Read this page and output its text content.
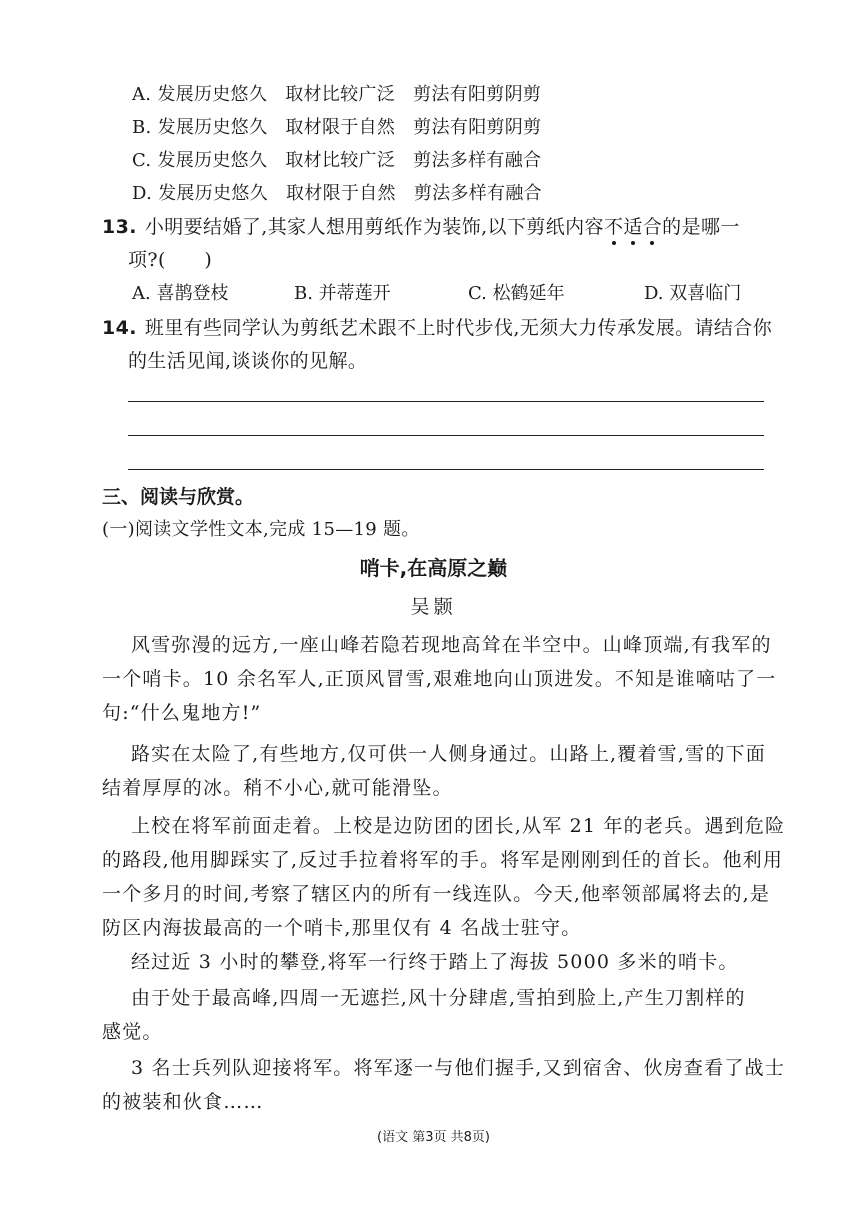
A. 发展历史悠久   取材比较广泛   剪法有阳剪阴剪
B. 发展历史悠久   取材限于自然   剪法有阳剪阴剪
C. 发展历史悠久   取材比较广泛   剪法多样有融合
D. 发展历史悠久   取材限于自然   剪法多样有融合
13. 小明要结婚了,其家人想用剪纸作为装饰,以下剪纸内容不适合的是哪一
项?(      )
A. 喜鹊登枝	B. 并蒂莲开	C. 松鹤延年	D. 双喜临门
14. 班里有些同学认为剪纸艺术跟不上时代步伐,无须大力传承发展。请结合你
的生活见闻,谈谈你的见解。
三、阅读与欣赏。
(一)阅读文学性文本,完成 15—19 题。
哨卡,在高原之巅
吴颢
风雪弥漫的远方,一座山峰若隐若现地高耸在半空中。山峰顶端,有我军的
一个哨卡。10 余名军人,正顶风冒雪,艰难地向山顶进发。不知是谁嘀咕了一
句:“什么鬼地方!”
路实在太险了,有些地方,仅可供一人侧身通过。山路上,覆着雪,雪的下面
结着厚厚的冰。稍不小心,就可能滑坠。
上校在将军前面走着。上校是边防团的团长,从军 21 年的老兵。遇到危险
的路段,他用脚踩实了,反过手拉着将军的手。将军是刚刚到任的首长。他利用
一个多月的时间,考察了辖区内的所有一线连队。今天,他率领部属将去的,是
防区内海拔最高的一个哨卡,那里仅有 4 名战士驻守。
经过近 3 小时的攀登,将军一行终于踏上了海拔 5000 多米的哨卡。
由于处于最高峰,四周一无遮拦,风十分肆虐,雪拍到脸上,产生刀割样的
感觉。
3 名士兵列队迎接将军。将军逐一与他们握手,又到宿舍、伙房查看了战士
的被装和伙食……
(语文 第3页 共8页)
